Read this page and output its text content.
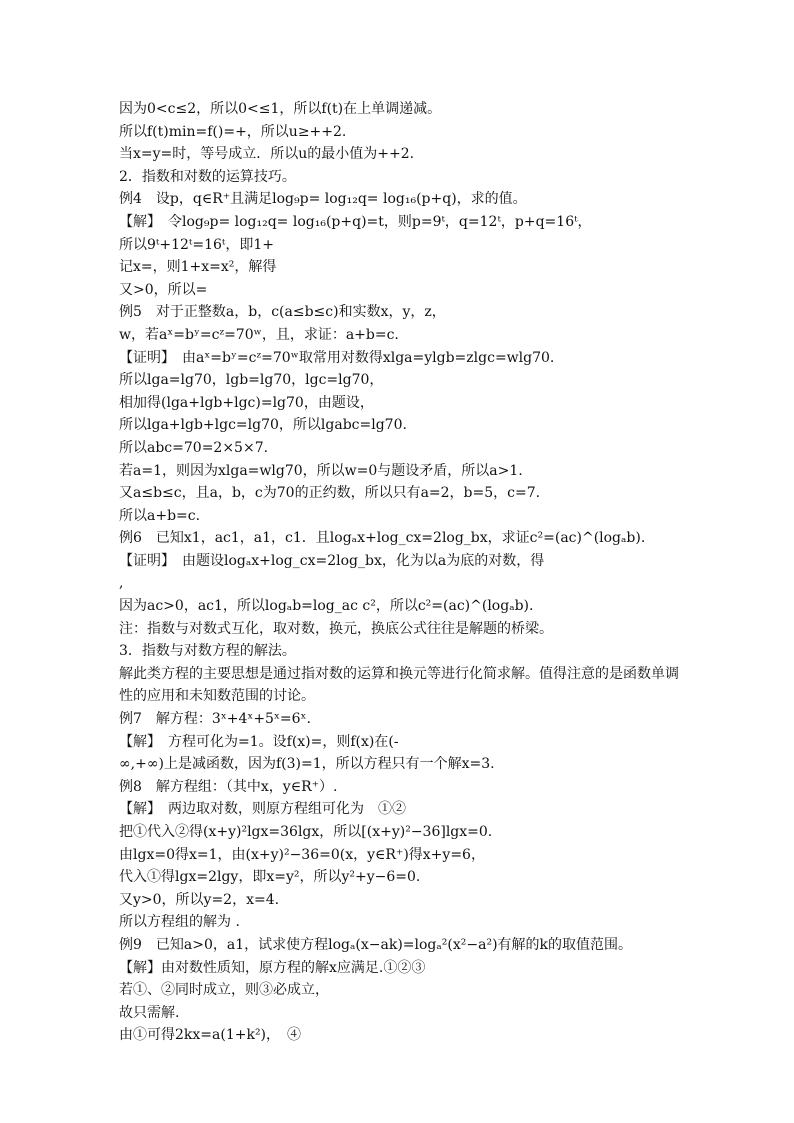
因为0<c≤2，所以0<≤1，所以f(t)在上单调递减。
所以f(t)min=f()=+，所以u≥++2.
当x=y=时，等号成立．所以u的最小值为++2.
2．指数和对数的运算技巧。
例4　设p，q∈R⁺且满足log₉p= log₁₂q= log₁₆(p+q)，求的值。
【解】　令log₉p= log₁₂q= log₁₆(p+q)=t，则p=9ᵗ，q=12ᵗ，p+q=16ᵗ，
所以9ᵗ+12ᵗ=16ᵗ，即1+
记x=，则1+x=x²，解得
又>0，所以=
例5　对于正整数a，b，c(a≤b≤c)和实数x，y，z，
w，若aˣ=bʸ=cᶻ=70ʷ，且，求证：a+b=c.
【证明】　由aˣ=bʸ=cᶻ=70ʷ取常用对数得xlga=ylgb=zlgc=wlg70.
所以lga=lg70，lgb=lg70，lgc=lg70，
相加得(lga+lgb+lgc)=lg70，由题设，
所以lga+lgb+lgc=lg70，所以lgabc=lg70.
所以abc=70=2×5×7.
若a=1，则因为xlga=wlg70，所以w=0与题设矛盾，所以a>1.
又a≤b≤c，且a，b，c为70的正约数，所以只有a=2，b=5，c=7.
所以a+b=c.
例6　已知x1，ac1，a1，c1．且logₐx+log_cx=2log_bx，求证c²=(ac)^(logₐb).
【证明】　由题设logₐx+log_cx=2log_bx，化为以a为底的对数，得
,
因为ac>0，ac1，所以logₐb=log_ac c²，所以c²=(ac)^(logₐb).
注：指数与对数式互化，取对数，换元，换底公式往往是解题的桥梁。
3．指数与对数方程的解法。
解此类方程的主要思想是通过指对数的运算和换元等进行化简求解。值得注意的是函数单调性的应用和未知数范围的讨论。
例7　解方程：3ˣ+4ˣ+5ˣ=6ˣ.
【解】　方程可化为=1。设f(x)=，则f(x)在(-
∞,+∞)上是减函数，因为f(3)=1，所以方程只有一个解x=3.
例8　解方程组：（其中x，y∈R⁺）.
【解】　两边取对数，则原方程组可化为　①②
把①代入②得(x+y)²lgx=36lgx，所以[(x+y)²−36]lgx=0.
由lgx=0得x=1，由(x+y)²−36=0(x，y∈R⁺)得x+y=6，
代入①得lgx=2lgy，即x=y²，所以y²+y−6=0.
又y>0，所以y=2，x=4.
所以方程组的解为 .
例9　已知a>0，a1，试求使方程logₐ(x−ak)=logₐ²(x²−a²)有解的k的取值范围。
【解】由对数性质知，原方程的解x应满足.①②③
若①、②同时成立，则③必成立，
故只需解.
由①可得2kx=a(1+k²)，　④
